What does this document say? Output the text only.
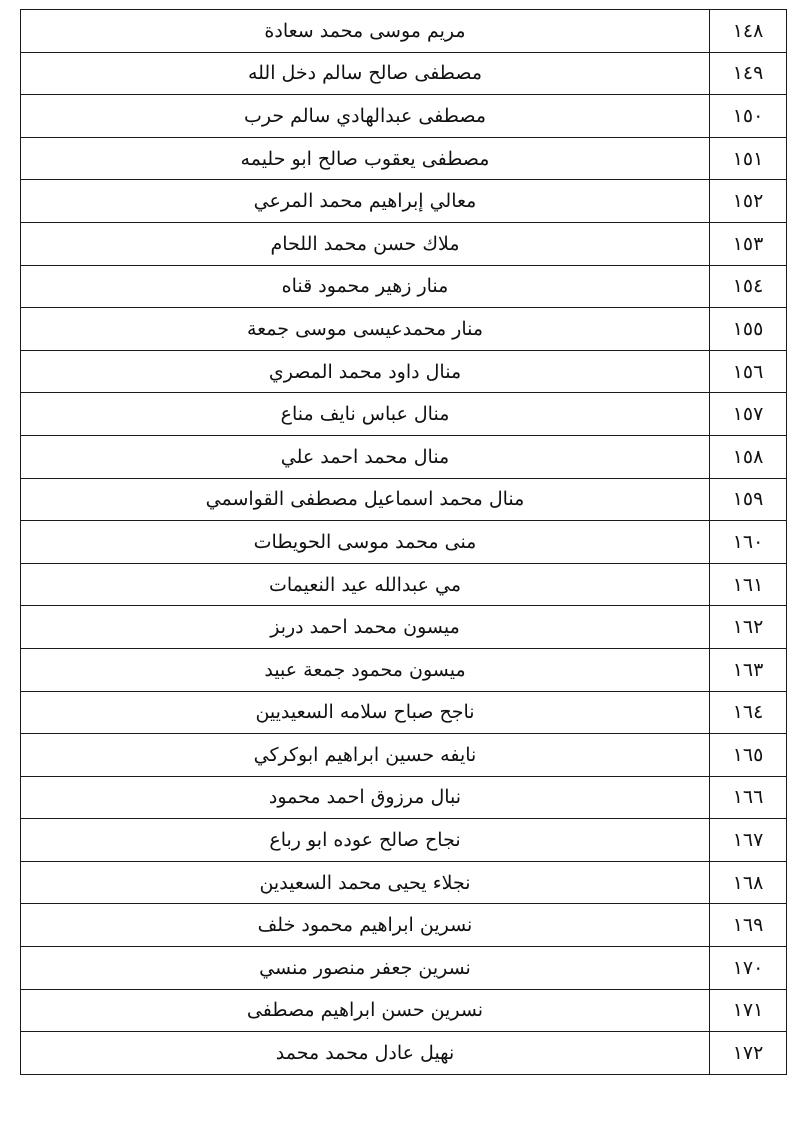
١٤٨	مريم موسى محمد سعادة
١٤٩	مصطفى صالح سالم دخل الله
١٥٠	مصطفى عبدالهادي سالم حرب
١٥١	مصطفى يعقوب صالح ابو حليمه
١٥٢	معالي إبراهيم محمد المرعي
١٥٣	ملاك حسن محمد اللحام
١٥٤	منار زهير محمود قناه
١٥٥	منار محمدعيسى موسى جمعة
١٥٦	منال داود محمد المصري
١٥٧	منال عباس نايف مناع
١٥٨	منال محمد احمد علي
١٥٩	منال محمد اسماعيل مصطفى القواسمي
١٦٠	منى محمد موسى الحويطات
١٦١	مي عبدالله عيد النعيمات
١٦٢	ميسون محمد احمد دربز
١٦٣	ميسون محمود جمعة عبيد
١٦٤	ناجح صباح سلامه السعيديين
١٦٥	نايفه حسين ابراهيم ابوكركي
١٦٦	نبال مرزوق احمد محمود
١٦٧	نجاح صالح عوده ابو رباع
١٦٨	نجلاء يحيى محمد السعيدين
١٦٩	نسرين ابراهيم محمود خلف
١٧٠	نسرين جعفر منصور منسي
١٧١	نسرين حسن ابراهيم مصطفى
١٧٢	نهيل عادل محمد محمد
